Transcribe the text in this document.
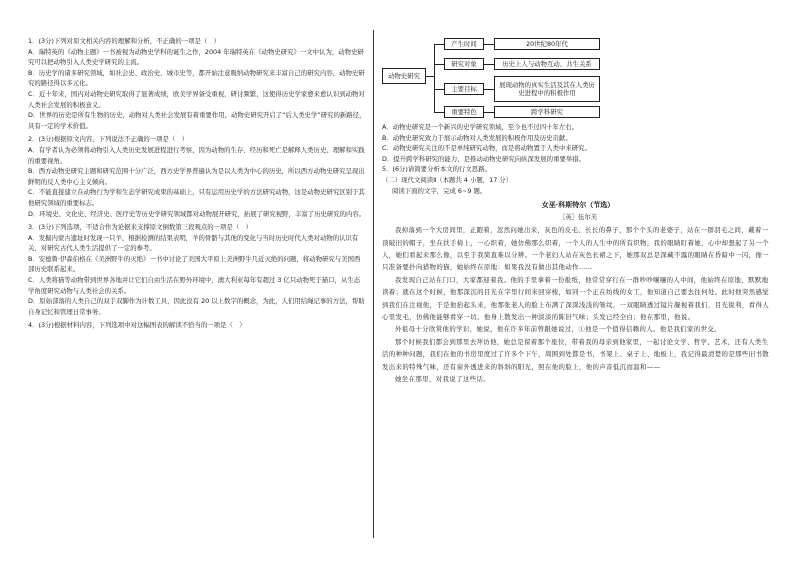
1．(3分)下列对原文相关内容的理解和分析，不正确的一项是（　）

A．瑞特英的《动物主题》一书被视为动物史学科的诞生之作，2004 年瑞特英在《动物史研究》一文中认为，动物史研究可以把动物引入人类史学研究的主流。

B．历史学的诸多研究领域，如社会史、政治史、城市史等，都开始注意吸纳动物研究来丰富自己的研究内容，动物史研究的路径得以多元化。

C．近十年来，国内对动物史研究取得了显著成绩，欧美学界备受重视，研讨频繁，这使得历史学家愈来愈认识到动物对人类社会发展的积极意义。

D．世界的历史是所有生物的历史，动物对人类社会发展有着重要作用，动物史研究开启了“后人类史学”研究的新路径，具有一定的学术价值。

2．(3分)根据原文内容，下列说法不正确的一项是（　）

A．有学者认为必须将动物引入人类历史发展进程进行考察，因为动物的生存、经历和死亡是解释人类历史、理解和实践的重要视角。

B．西方动物史研究主题和研究范围十分广泛，西方史学界普遍认为是以人类为中心的历史，所以西方动物史研究呈现出鲜明的反人类中心主义倾向。

C．不能直接建立在动物行为学和生态学研究成果的基础上，只有运用历史学的方法研究动物，这是动物史研究区别于其他研究领域的重要标志。

D．环境史、文化史、经济史、医疗史等历史学研究领域都对动物展开研究，拓展了研究视野，丰富了历史研究的内容。

3．(3分)下列选项，不适合作为论据来支撑原文倒数第三段观点的一项是（　）

A．发掘内蒙古遗址时发现一只羊，根据检测的结果表明，羊的骨骼与其他的变化与当时历史时代人类对动物的认识有关，对研究古代人类生活提供了一定的参考。

B．安德鲁·伊森伯格在《美洲野牛的灭绝》一书中讨论了美国大平原上美洲野牛几近灭绝的问题，将动物研究与美国西部历史联系起来。

C．人类将猫等动物带到世界各地并让它们自由生活在野外环境中，澳大利亚每年有超过 3 亿只动物死于猫口，从生态学角度研究动物与人类社会的关系。

D．原始部落的人类自己的双手双脚作为计数工具，因此没有 20 以上数字的概念，为此，人们用结绳记事的方法，帮助自身记忆和管理日常事务。

4．(3分)根据材料内容，下列选项中对这幅图表的解读不恰当的一项是（　）

动物史研究
产生时间	20世纪80年代
研究对象	历史上人与动物互动、共生关系
主要目标	展现动物的真实生活及其在人类历史进程中的积极作用
重要特色	跨学科研究

A．动物史研究是一个新兴的史学研究领域，至今也不过四十年左右。

B．动物史研究致力于展示动物对人类发展的积极作用及历史贡献。

C．动物史研究关注的不是单纯研究动物，而是将动物置于人类中来研究。

D．提升跨学科研究的能力，是推动动物史研究向纵深发展的重要举措。

5．(6分)请简要分析本文的行文思路。

（二）现代文阅读Ⅱ（本题共 4 小题，17 分）

阅读下面的文字，完成 6~9 题。

女巫·科斯特尔（节选）

［英］伍尔芙

我掉落到一个大房间里，正跑着，忽然问她出来，灰色的皮毛、长长的鼻子，那个个头的老婆子，站在一群羽毛之间，戴着一顶破旧的帽子，坐在扶手椅上，一心织着，她仿佛那么织着，一个人的人生中的所有织物，我的眼睛盯着她，心中却想起了另一个人，她们看起来那么像，以至于我简直难以分辨。一个老妇人站在灰色长裙之下，她那双总是深藏不露的眼睛在昏暗中一闪，像一只准备要扑向猎物的猫，她始终在原地：如果我没有做出其他动作……

我发现自己站在门口，大家都迎着我。他的手里拿着一份报纸，他常常穿行在一群吵吵嚷嚷的人中间，他始终在原地，默默地读着；就在这个时候，他那深沉的目光在字里行间来回穿梭，如同一个正在纺线的女工，他知道自己要去往何处。此时他突然感觉到我们在注视他，于是他抬起头来，他那张老人的脸上布满了深深浅浅的皱纹，一双眼睛透过镜片凝视着我们，目光锐利，看得人心里发毛，仿佛他能够看穿一切。他身上散发出一种淡淡的陈旧气味；头发已经全白；他在那里，他说。

外祖母十分欣赏他的学识，她说，他在许多年前曾跟她说过，①他是一个值得信赖的人。他是我们家的世交。

那个时候我们都会到那里去拜访他，她总是留着那个座位，带着我的母亲到他家里，一起讨论文学、哲学、艺术，还有人类生活的种种问题，我们在他的书房里度过了许多个下午，周围到处都是书，书架上、桌子上、地板上，我记得最清楚的是那些旧书散发出来的特殊气味，还有窗外透进来的斜斜的阳光，照在他的脸上，他的声音低沉而温和——

她坐在那里，对我说了这些话。
